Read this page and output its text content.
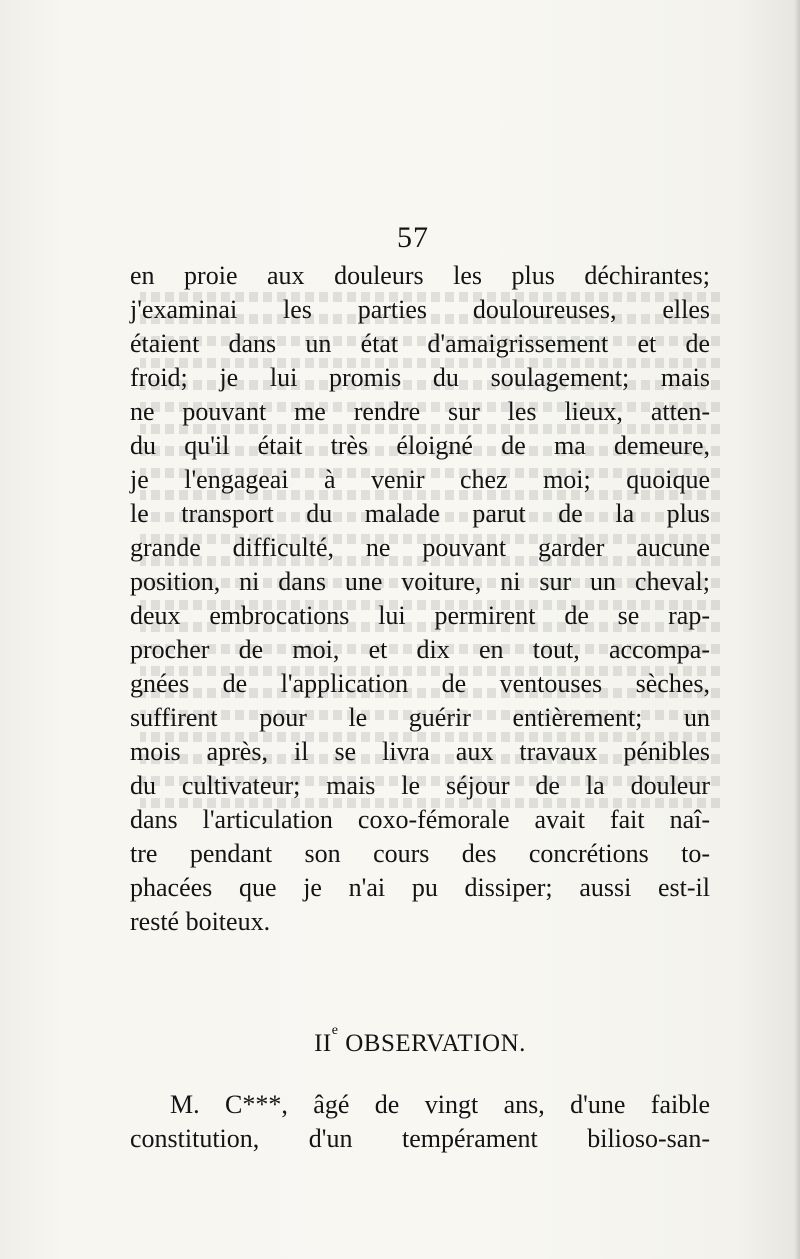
57
en proie aux douleurs les plus déchirantes;
j'examinai les parties douloureuses, elles
étaient dans un état d'amaigrissement et de
froid; je lui promis du soulagement; mais
ne pouvant me rendre sur les lieux, atten-
du qu'il était très éloigné de ma demeure,
je l'engageai à venir chez moi; quoique
le transport du malade parut de la plus
grande difficulté, ne pouvant garder aucune
position, ni dans une voiture, ni sur un cheval;
deux embrocations lui permirent de se rap-
procher de moi, et dix en tout, accompa-
gnées de l'application de ventouses sèches,
suffirent pour le guérir entièrement; un
mois après, il se livra aux travaux pénibles
du cultivateur; mais le séjour de la douleur
dans l'articulation coxo-fémorale avait fait naî-
tre pendant son cours des concrétions to-
phacées que je n'ai pu dissiper; aussi est-il
resté boiteux.
IIe OBSERVATION.
M. C***, âgé de vingt ans, d'une faible
constitution, d'un tempérament bilioso-san-
